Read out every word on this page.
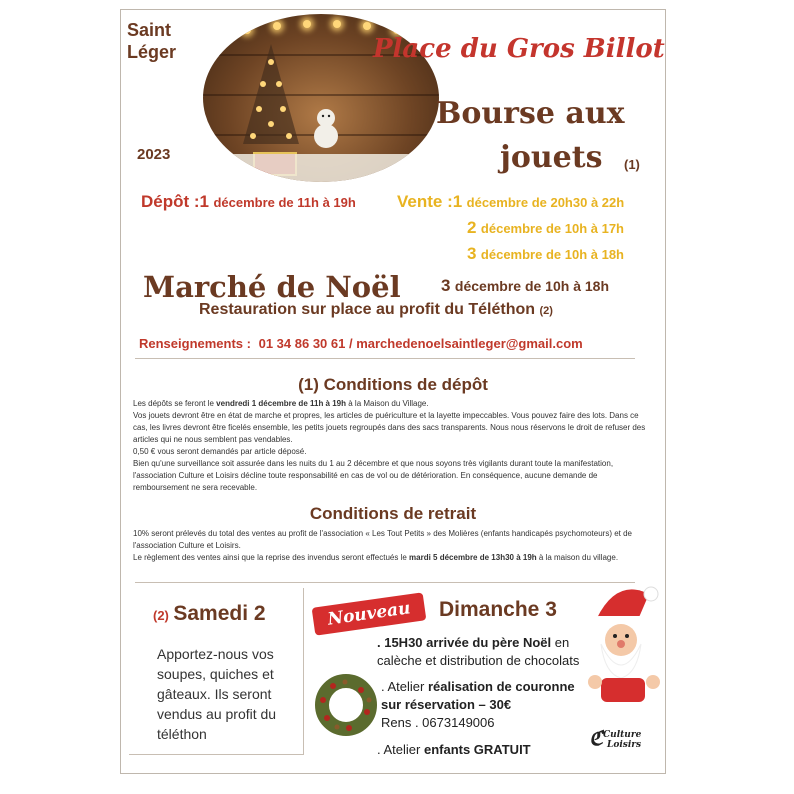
Saint Léger	Place du Gros Billot
2023
Bourse aux
jouets (1)
Dépôt :1 décembre de 11h à 19h Vente :1 décembre de 20h30 à 22h
2 décembre de 10h à 17h
3 décembre de 10h à 18h
Marché de Noël 3 décembre de 10h à 18h
Restauration sur place au profit du Téléthon (2)
Renseignements : 01 34 86 30 61 / marchedenoelsaintleger@gmail.com
(1) Conditions de dépôt
Les dépôts se feront le vendredi 1 décembre de 11h à 19h à la Maison du Village.
Vos jouets devront être en état de marche et propres, les articles de puériculture et la layette impeccables. Vous pouvez faire des lots. Dans ce cas, les livres devront être ficelés ensemble, les petits jouets regroupés dans des sacs transparents. Nous nous réservons le droit de refuser des articles qui ne nous semblent pas vendables.
0,50 € vous seront demandés par article déposé.
Bien qu'une surveillance soit assurée dans les nuits du 1 au 2 décembre et que nous soyons très vigilants durant toute la manifestation, l'association Culture et Loisirs décline toute responsabilité en cas de vol ou de détérioration. En conséquence, aucune demande de remboursement ne sera recevable.
Conditions de retrait
10% seront prélevés du total des ventes au profit de l'association « Les Tout Petits » des Molières (enfants handicapés psychomoteurs) et de l'association Culture et Loisirs.
Le règlement des ventes ainsi que la reprise des invendus seront effectués le mardi 5 décembre de 13h30 à 19h à la maison du village.
(2) Samedi 2
Apportez-nous vos soupes, quiches et gâteaux. Ils seront vendus au profit du téléthon
Nouveau	Dimanche 3
. 15H30 arrivée du père Noël en calèche et distribution de chocolats
. Atelier réalisation de couronne sur réservation – 30€
Rens . 0673149006
. Atelier enfants GRATUIT	ℭ Culture
Loisirs
